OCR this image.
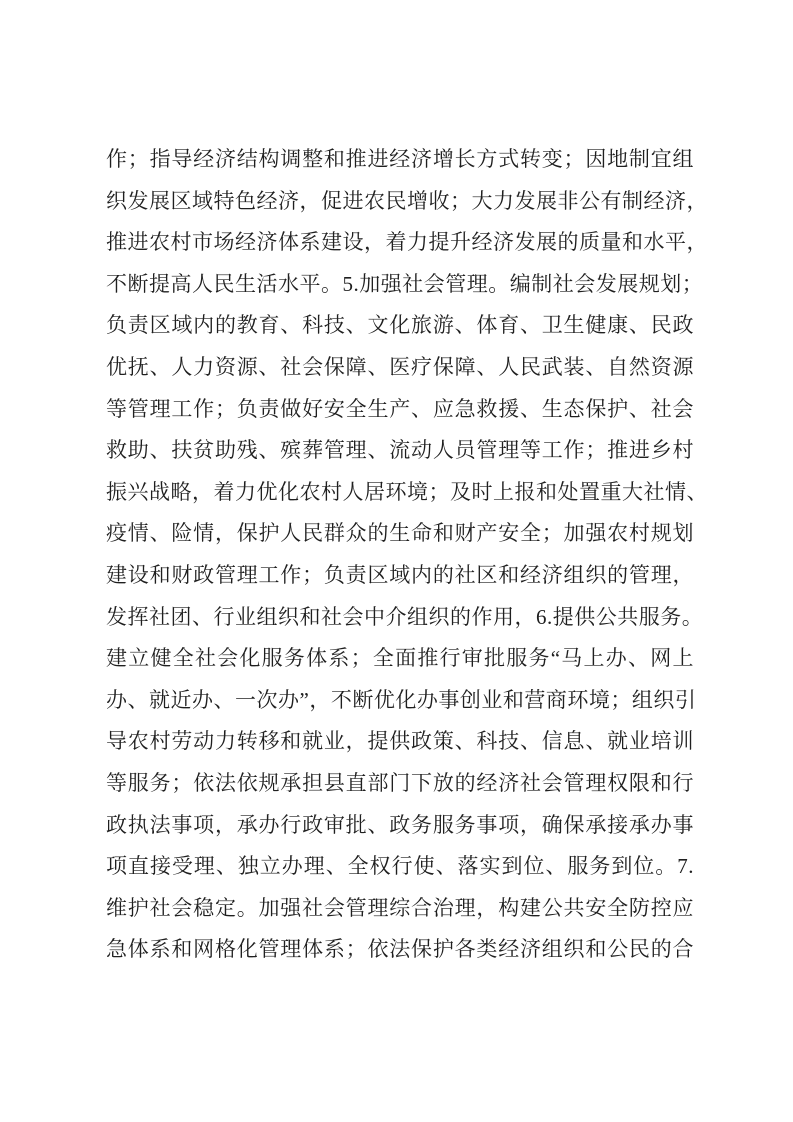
作；指导经济结构调整和推进经济增长方式转变；因地制宜组
织发展区域特色经济，促进农民增收；大力发展非公有制经济，
推进农村市场经济体系建设，着力提升经济发展的质量和水平，
不断提高人民生活水平。5.加强社会管理。编制社会发展规划；
负责区域内的教育、科技、文化旅游、体育、卫生健康、民政
优抚、人力资源、社会保障、医疗保障、人民武装、自然资源
等管理工作；负责做好安全生产、应急救援、生态保护、社会
救助、扶贫助残、殡葬管理、流动人员管理等工作；推进乡村
振兴战略，着力优化农村人居环境；及时上报和处置重大社情、
疫情、险情，保护人民群众的生命和财产安全；加强农村规划
建设和财政管理工作；负责区域内的社区和经济组织的管理，
发挥社团、行业组织和社会中介组织的作用，6.提供公共服务。
建立健全社会化服务体系；全面推行审批服务“马上办、网上
办、就近办、一次办”，不断优化办事创业和营商环境；组织引
导农村劳动力转移和就业，提供政策、科技、信息、就业培训
等服务；依法依规承担县直部门下放的经济社会管理权限和行
政执法事项，承办行政审批、政务服务事项，确保承接承办事
项直接受理、独立办理、全权行使、落实到位、服务到位。7.
维护社会稳定。加强社会管理综合治理，构建公共安全防控应
急体系和网格化管理体系；依法保护各类经济组织和公民的合
